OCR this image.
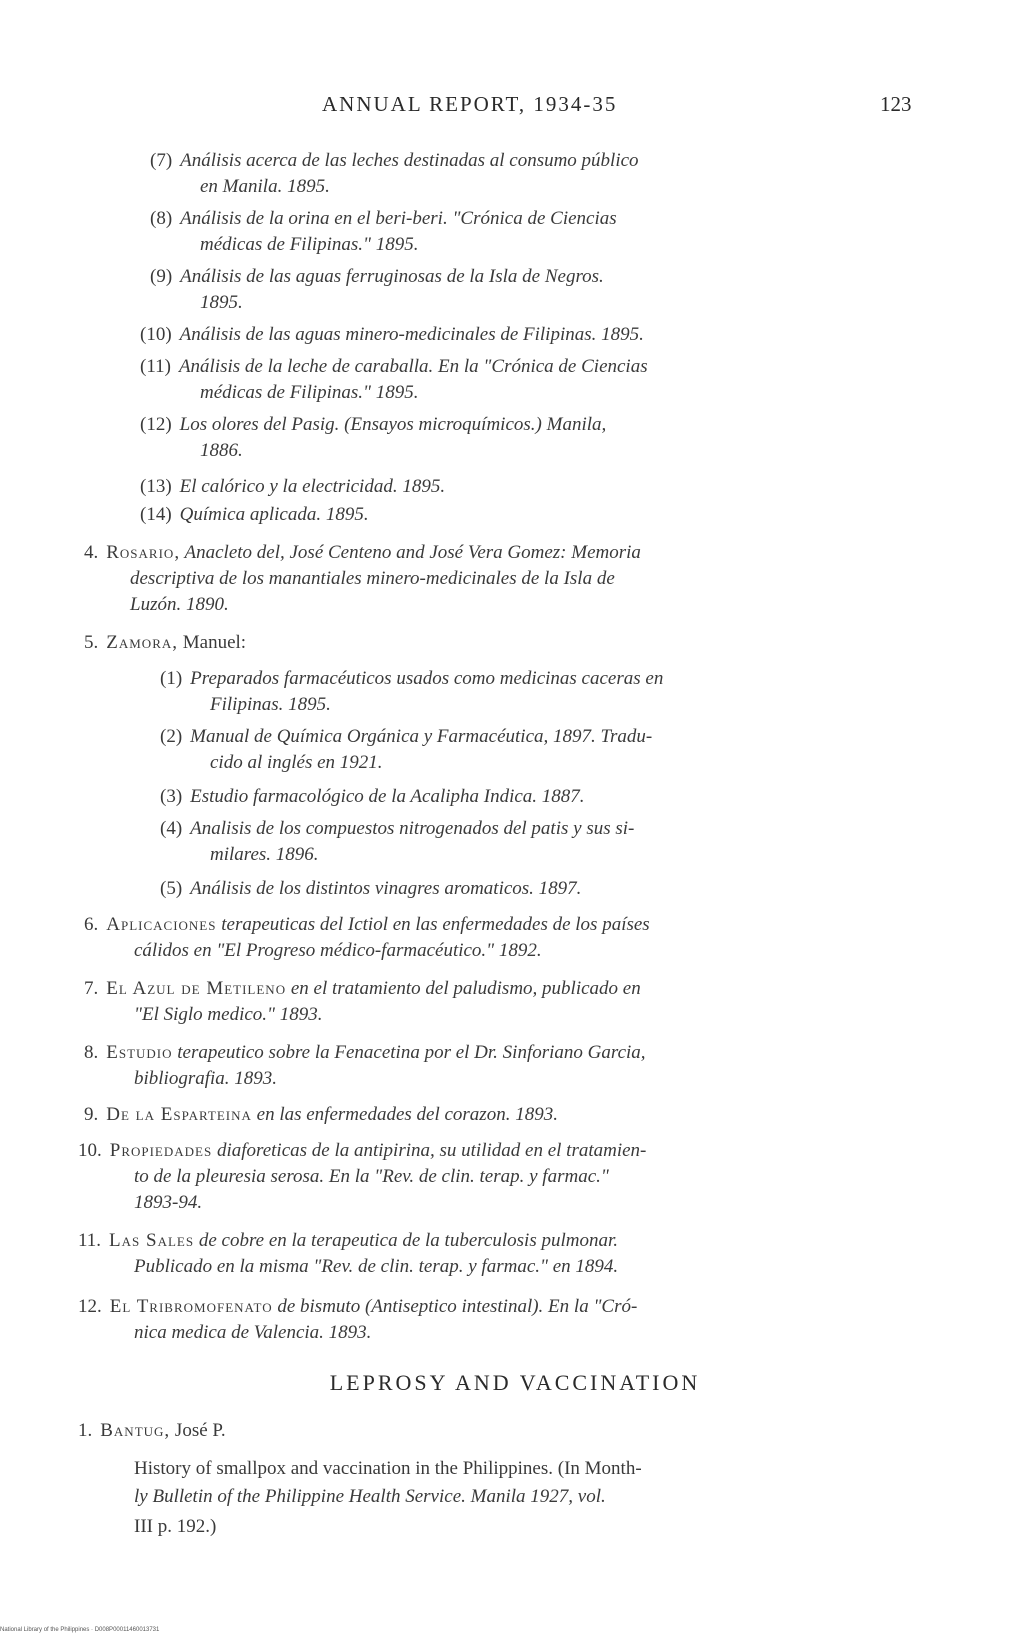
ANNUAL REPORT, 1934-35	123
(7) Análisis acerca de las leches destinadas al consumo público
en Manila. 1895.
(8) Análisis de la orina en el beri-beri. "Crónica de Ciencias
médicas de Filipinas." 1895.
(9) Análisis de las aguas ferruginosas de la Isla de Negros.
1895.
(10) Análisis de las aguas minero-medicinales de Filipinas. 1895.
(11) Análisis de la leche de caraballa. En la "Crónica de Ciencias
médicas de Filipinas." 1895.
(12) Los olores del Pasig. (Ensayos microquímicos.) Manila,
1886.
(13) El calórico y la electricidad. 1895.
(14) Química aplicada. 1895.
4. Rosario, Anacleto del, José Centeno and José Vera Gomez: Memoria
descriptiva de los manantiales minero-medicinales de la Isla de
Luzón. 1890.
5. Zamora, Manuel:
(1) Preparados farmacéuticos usados como medicinas caceras en
Filipinas. 1895.
(2) Manual de Química Orgánica y Farmacéutica, 1897. Tradu-
cido al inglés en 1921.
(3) Estudio farmacológico de la Acalipha Indica. 1887.
(4) Analisis de los compuestos nitrogenados del patis y sus si-
milares. 1896.
(5) Análisis de los distintos vinagres aromaticos. 1897.
6. Aplicaciones terapeuticas del Ictiol en las enfermedades de los países
cálidos en "El Progreso médico-farmacéutico." 1892.
7. El Azul de Metileno en el tratamiento del paludismo, publicado en
"El Siglo medico." 1893.
8. Estudio terapeutico sobre la Fenacetina por el Dr. Sinforiano Garcia,
bibliografia. 1893.
9. De la Esparteina en las enfermedades del corazon. 1893.
10. Propiedades diaforeticas de la antipirina, su utilidad en el tratamien-
to de la pleuresia serosa. En la "Rev. de clin. terap. y farmac."
1893-94.
11. Las Sales de cobre en la terapeutica de la tuberculosis pulmonar.
Publicado en la misma "Rev. de clin. terap. y farmac." en 1894.
12. El Tribromofenato de bismuto (Antiseptico intestinal). En la "Cró-
nica medica de Valencia. 1893.
LEPROSY AND VACCINATION
1. Bantug, José P.
History of smallpox and vaccination in the Philippines. (In Month-
ly Bulletin of the Philippine Health Service. Manila 1927, vol.
III p. 192.)
National Library of the Philippines · D008P00011460013731
